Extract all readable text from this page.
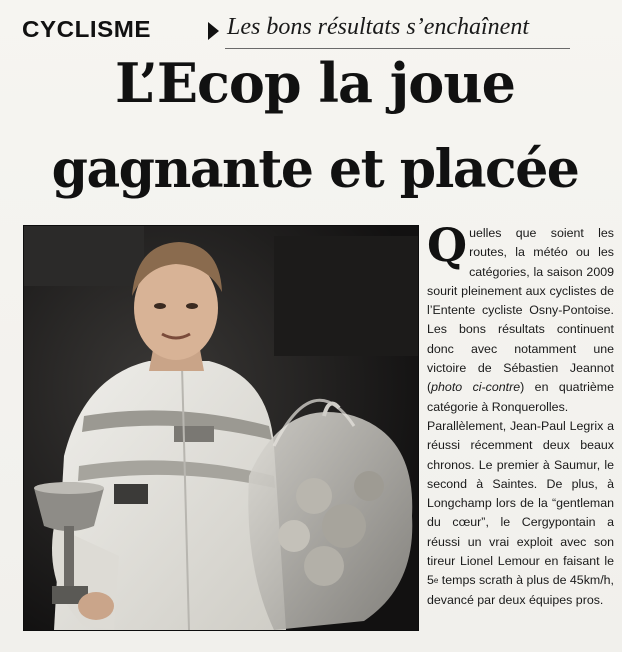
CYCLISME	Les bons résultats s’enchaînent
L’Ecop la joue
gagnante et placée

Quelles que soient les routes, la météo ou les catégories, la saison 2009 sourit pleinement aux cyclistes de l’Entente cycliste Osny-Pontoise. Les bons résultats continuent donc avec notamment une victoire de Sébastien Jeannot (photo ci-contre) en quatrième catégorie à Ronquerolles.

Parallèlement, Jean-Paul Legrix a réussi récemment deux beaux chronos. Le premier à Saumur, le second à Saintes. De plus, à Longchamp lors de la “gentleman du cœur”, le Cergypontain a réussi un vrai exploit avec son tireur Lionel Lemour en faisant le 5e temps scrath à plus de 45km/h, devancé par deux équipes pros.
